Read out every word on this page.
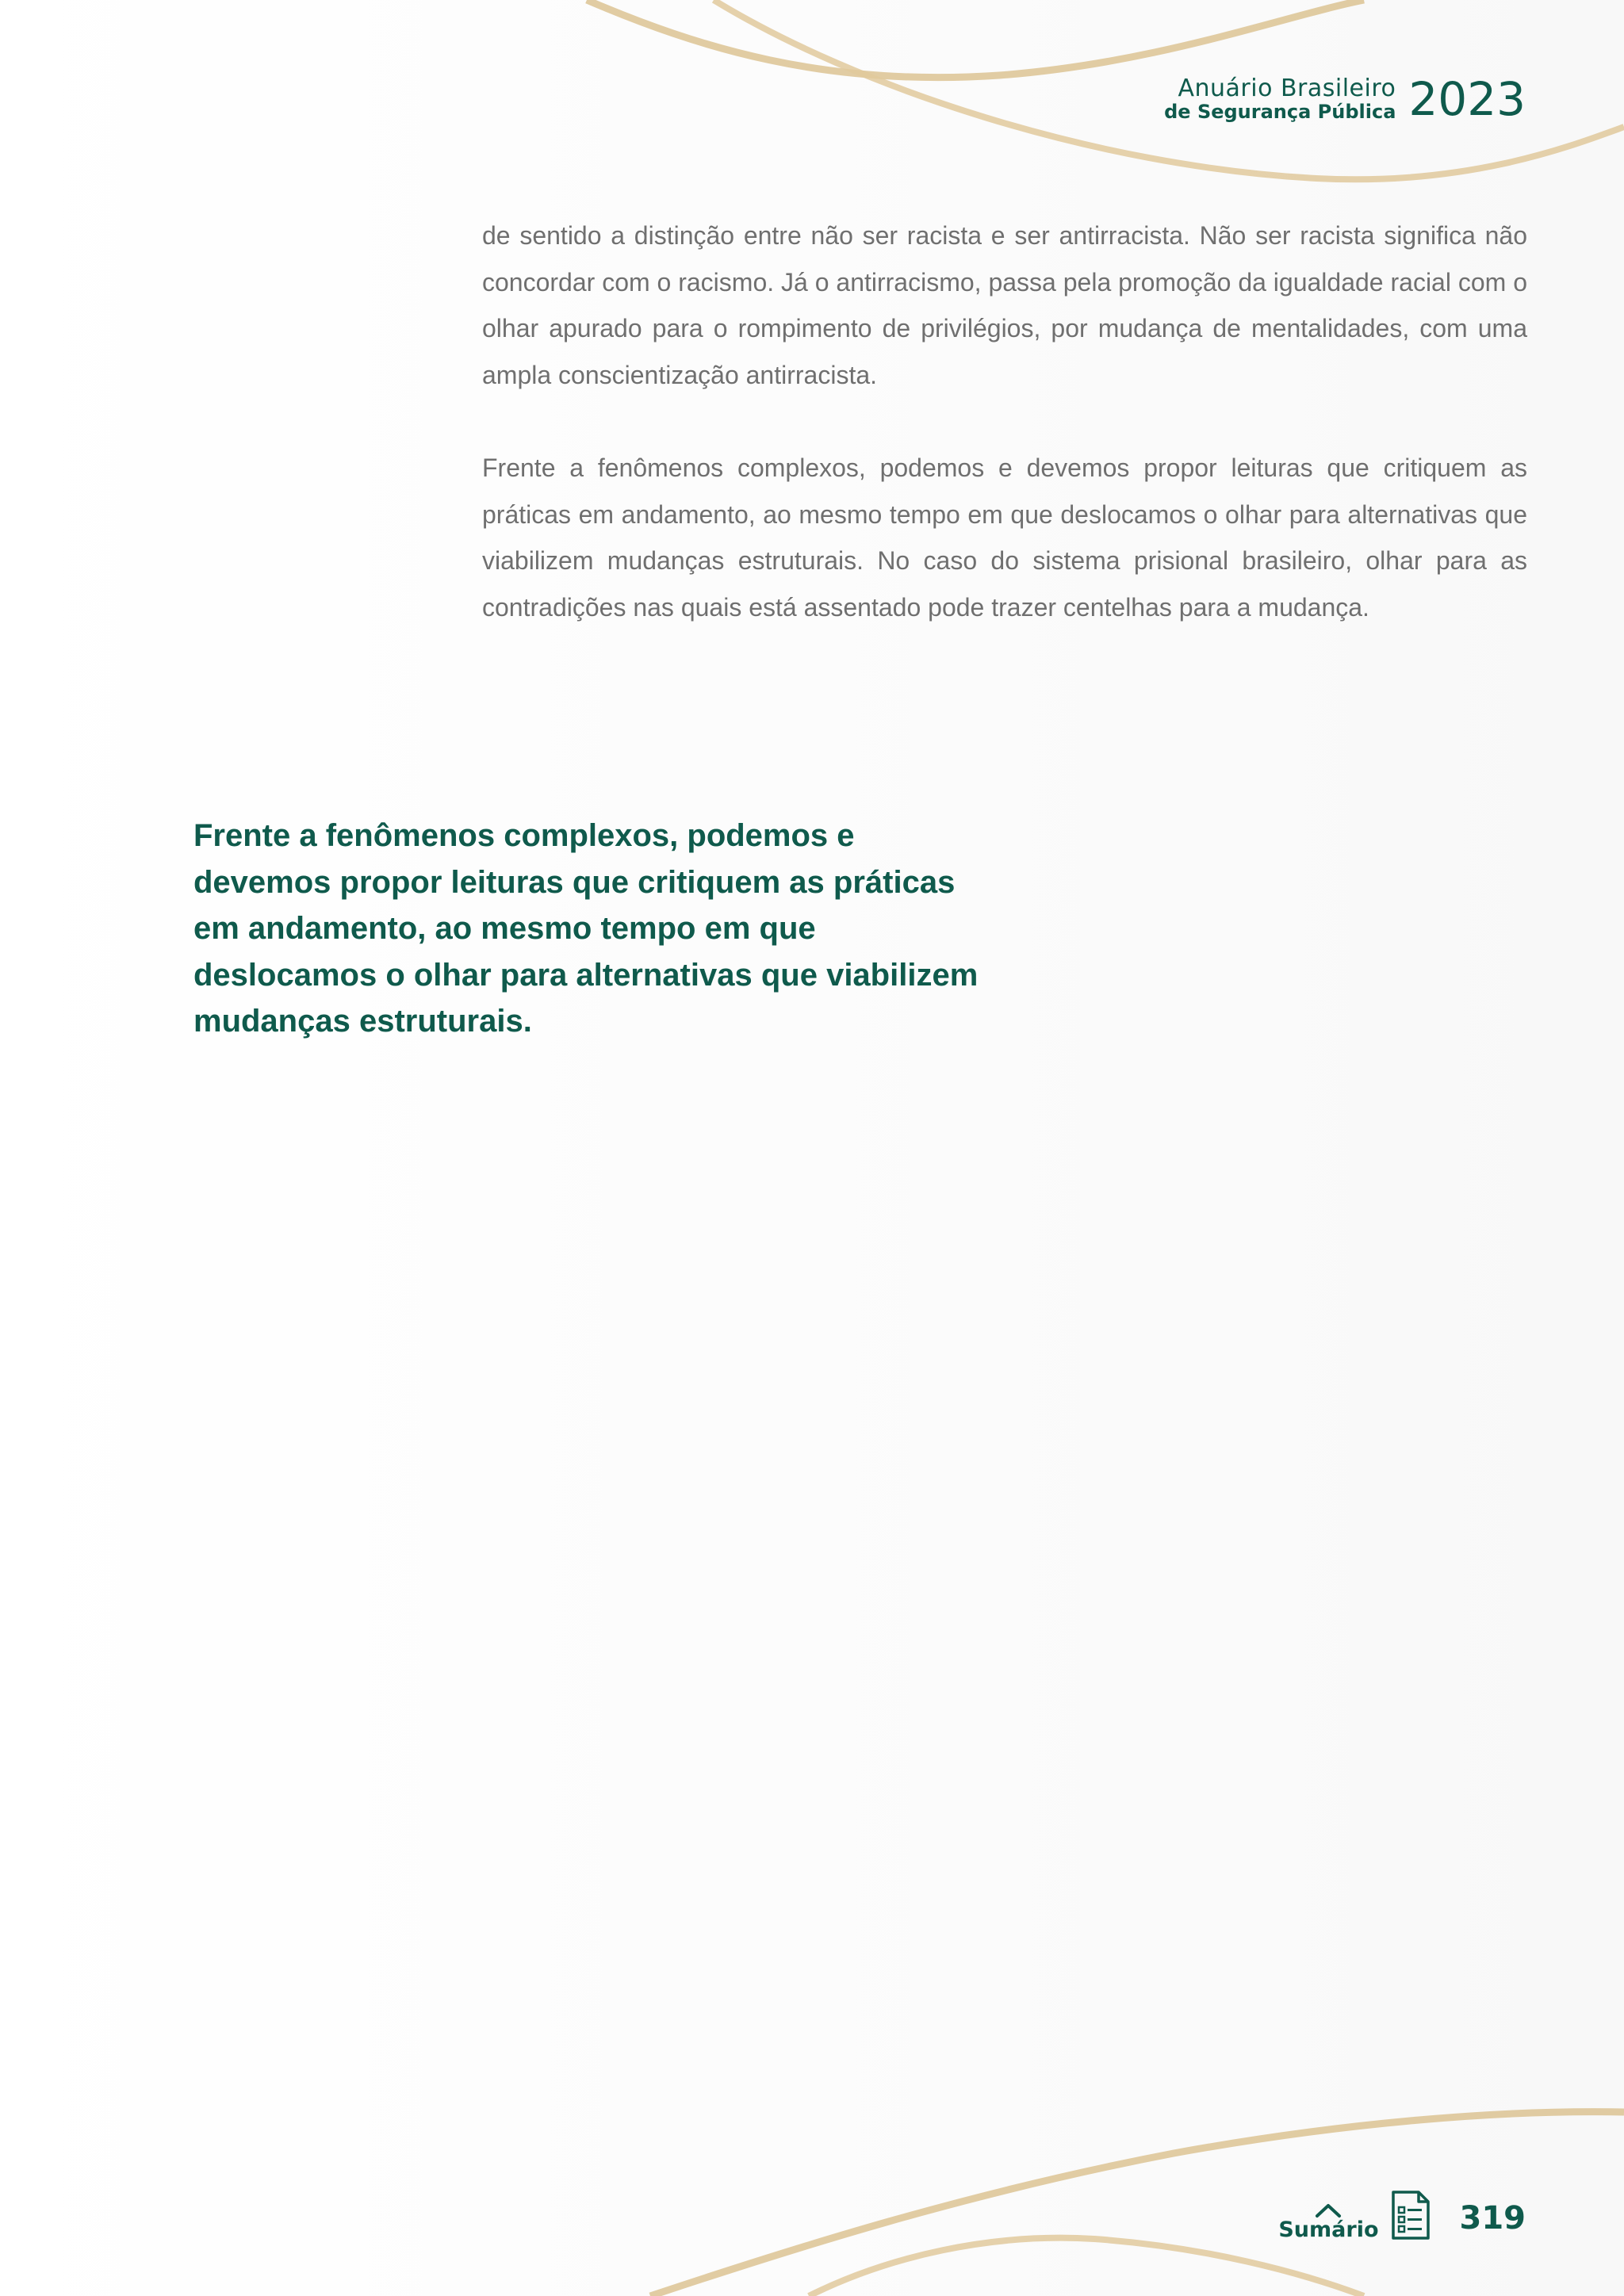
Anuário Brasileiro
de Segurança Pública 2023

de sentido a distinção entre não ser racista e ser antirracista. Não ser racista significa não concordar com o racismo. Já o antirracismo, passa pela promoção da igualdade racial com o olhar apurado para o rompimento de privilégios, por mudança de mentalidades, com uma ampla conscientização antirracista.

Frente a fenômenos complexos, podemos e devemos propor leituras que critiquem as práticas em andamento, ao mesmo tempo em que deslocamos o olhar para alternativas que viabilizem mudanças estruturais. No caso do sistema prisional brasileiro, olhar para as contradições nas quais está assentado pode trazer centelhas para a mudança.

Frente a fenômenos complexos, podemos e devemos propor leituras que critiquem as práticas em andamento, ao mesmo tempo em que deslocamos o olhar para alternativas que viabilizem mudanças estruturais.

Sumário	319
